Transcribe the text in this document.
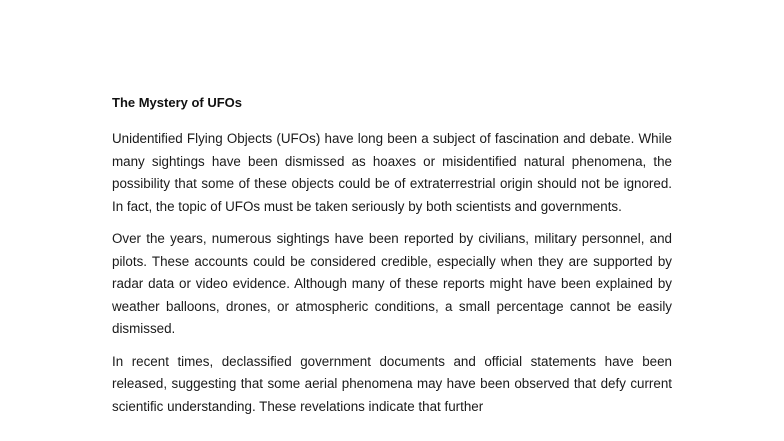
The Mystery of UFOs

Unidentified Flying Objects (UFOs) have long been a subject of fascination and debate. While many sightings have been dismissed as hoaxes or misidentified natural phenomena, the possibility that some of these objects could be of extraterrestrial origin should not be ignored. In fact, the topic of UFOs must be taken seriously by both scientists and governments.

Over the years, numerous sightings have been reported by civilians, military personnel, and pilots. These accounts could be considered credible, especially when they are supported by radar data or video evidence. Although many of these reports might have been explained by weather balloons, drones, or atmospheric conditions, a small percentage cannot be easily dismissed.

In recent times, declassified government documents and official statements have been released, suggesting that some aerial phenomena may have been observed that defy current scientific understanding. These revelations indicate that further
